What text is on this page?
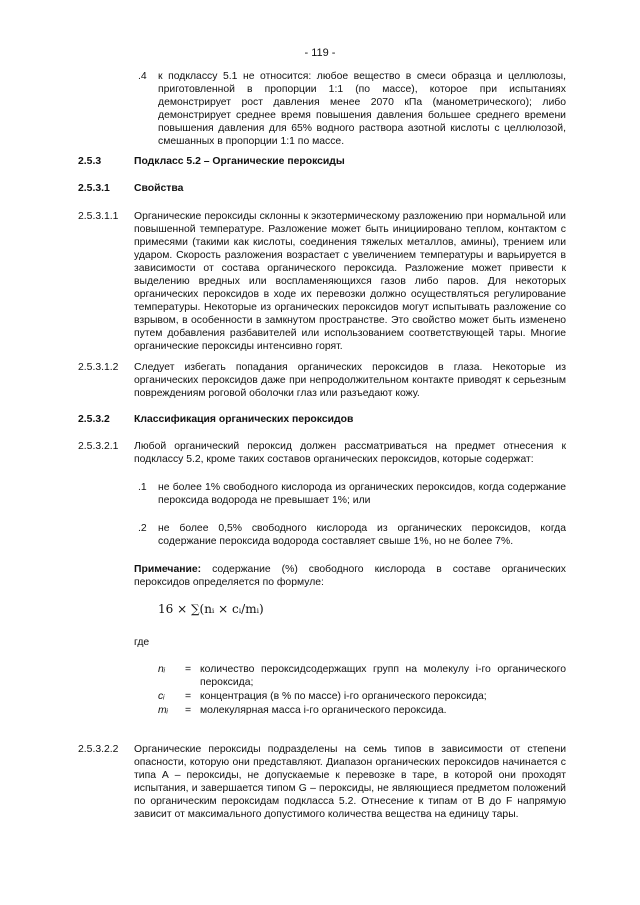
- 119 -
.4 к подклассу 5.1 не относится: любое вещество в смеси образца и целлюлозы, приготовленной в пропорции 1:1 (по массе), которое при испытаниях демонстрирует рост давления менее 2070 кПа (манометрического); либо демонстрирует среднее время повышения давления большее среднего времени повышения давления для 65% водного раствора азотной кислоты с целлюлозой, смешанных в пропорции 1:1 по массе.
2.5.3	Подкласс 5.2 – Органические пероксиды
2.5.3.1 Свойства
2.5.3.1.1 Органические пероксиды склонны к экзотермическому разложению при нормальной или повышенной температуре. Разложение может быть инициировано теплом, контактом с примесями (такими как кислоты, соединения тяжелых металлов, амины), трением или ударом. Скорость разложения возрастает с увеличением температуры и варьируется в зависимости от состава органического пероксида. Разложение может привести к выделению вредных или воспламеняющихся газов либо паров. Для некоторых органических пероксидов в ходе их перевозки должно осуществляться регулирование температуры. Некоторые из органических пероксидов могут испытывать разложение со взрывом, в особенности в замкнутом пространстве. Это свойство может быть изменено путем добавления разбавителей или использованием соответствующей тары. Многие органические пероксиды интенсивно горят.
2.5.3.1.2 Следует избегать попадания органических пероксидов в глаза. Некоторые из органических пероксидов даже при непродолжительном контакте приводят к серьезным повреждениям роговой оболочки глаз или разъедают кожу.
2.5.3.2 Классификация органических пероксидов
2.5.3.2.1 Любой органический пероксид должен рассматриваться на предмет отнесения к подклассу 5.2, кроме таких составов органических пероксидов, которые содержат:
.1 не более 1% свободного кислорода из органических пероксидов, когда содержание пероксида водорода не превышает 1%; или
.2 не более 0,5% свободного кислорода из органических пероксидов, когда содержание пероксида водорода составляет свыше 1%, но не более 7%.
Примечание: содержание (%) свободного кислорода в составе органических пероксидов определяется по формуле:
16 × ∑(nᵢ × cᵢ/mᵢ)
где
nᵢ = количество пероксидсодержащих групп на молекулу i-го органического пероксида;
cᵢ = концентрация (в % по массе) i-го органического пероксида;
mᵢ = молекулярная масса i-го органического пероксида.
2.5.3.2.2 Органические пероксиды подразделены на семь типов в зависимости от степени опасности, которую они представляют. Диапазон органических пероксидов начинается с типа А – пероксиды, не допускаемые к перевозке в таре, в которой они проходят испытания, и завершается типом G – пероксиды, не являющиеся предметом положений по органическим пероксидам подкласса 5.2. Отнесение к типам от B до F напрямую зависит от максимального допустимого количества вещества на единицу тары.
